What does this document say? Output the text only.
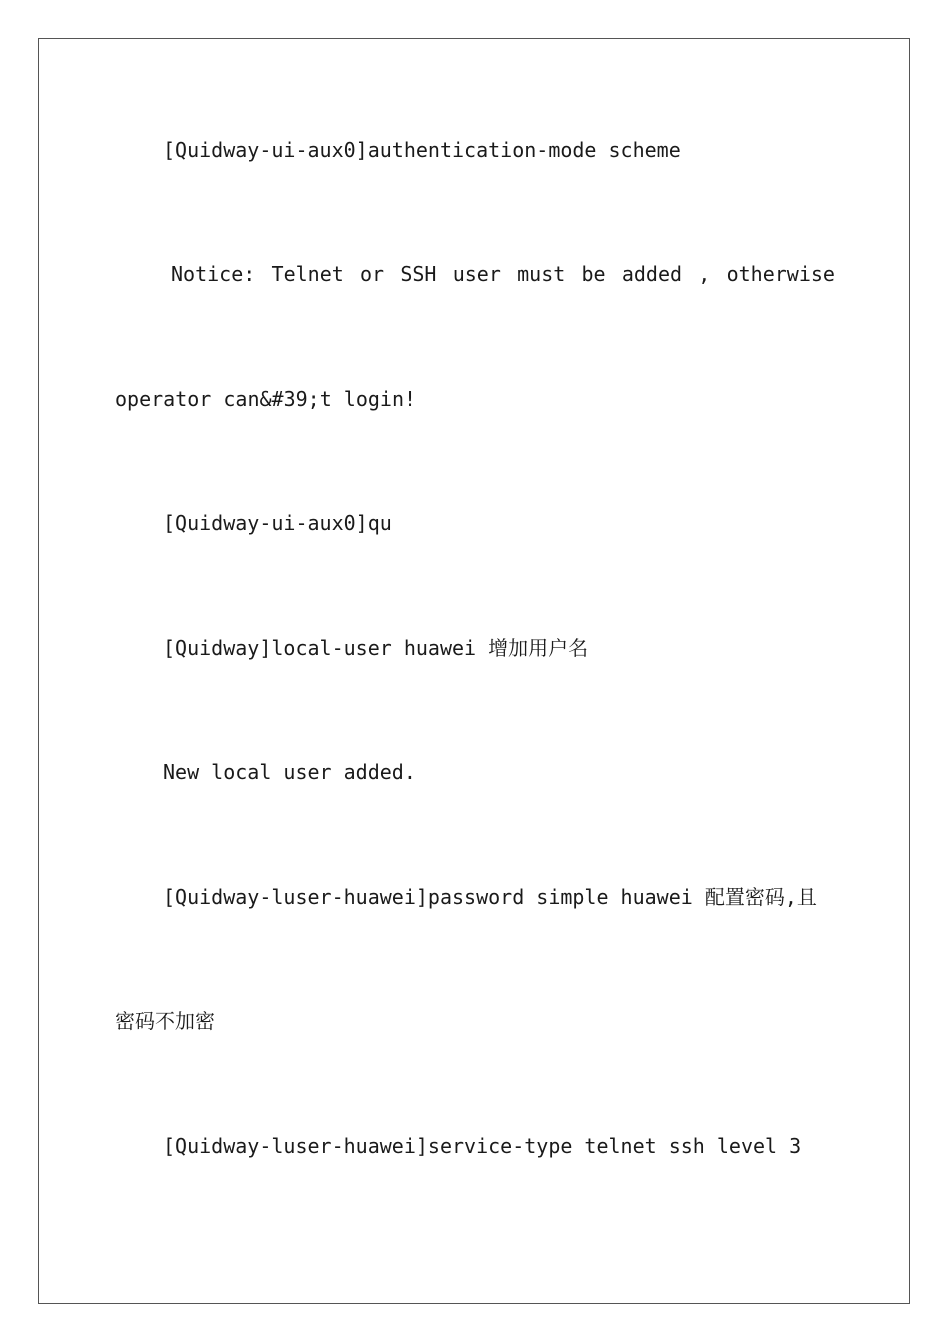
[Quidway-ui-aux0]authentication-mode scheme
Notice: Telnet or SSH user must be added , otherwise
operator can&#39;t login!
[Quidway-ui-aux0]qu
[Quidway]local-user huawei 增加用户名
New local user added.
[Quidway-luser-huawei]password simple huawei 配置密码,且
密码不加密
[Quidway-luser-huawei]service-type telnet ssh level 3
